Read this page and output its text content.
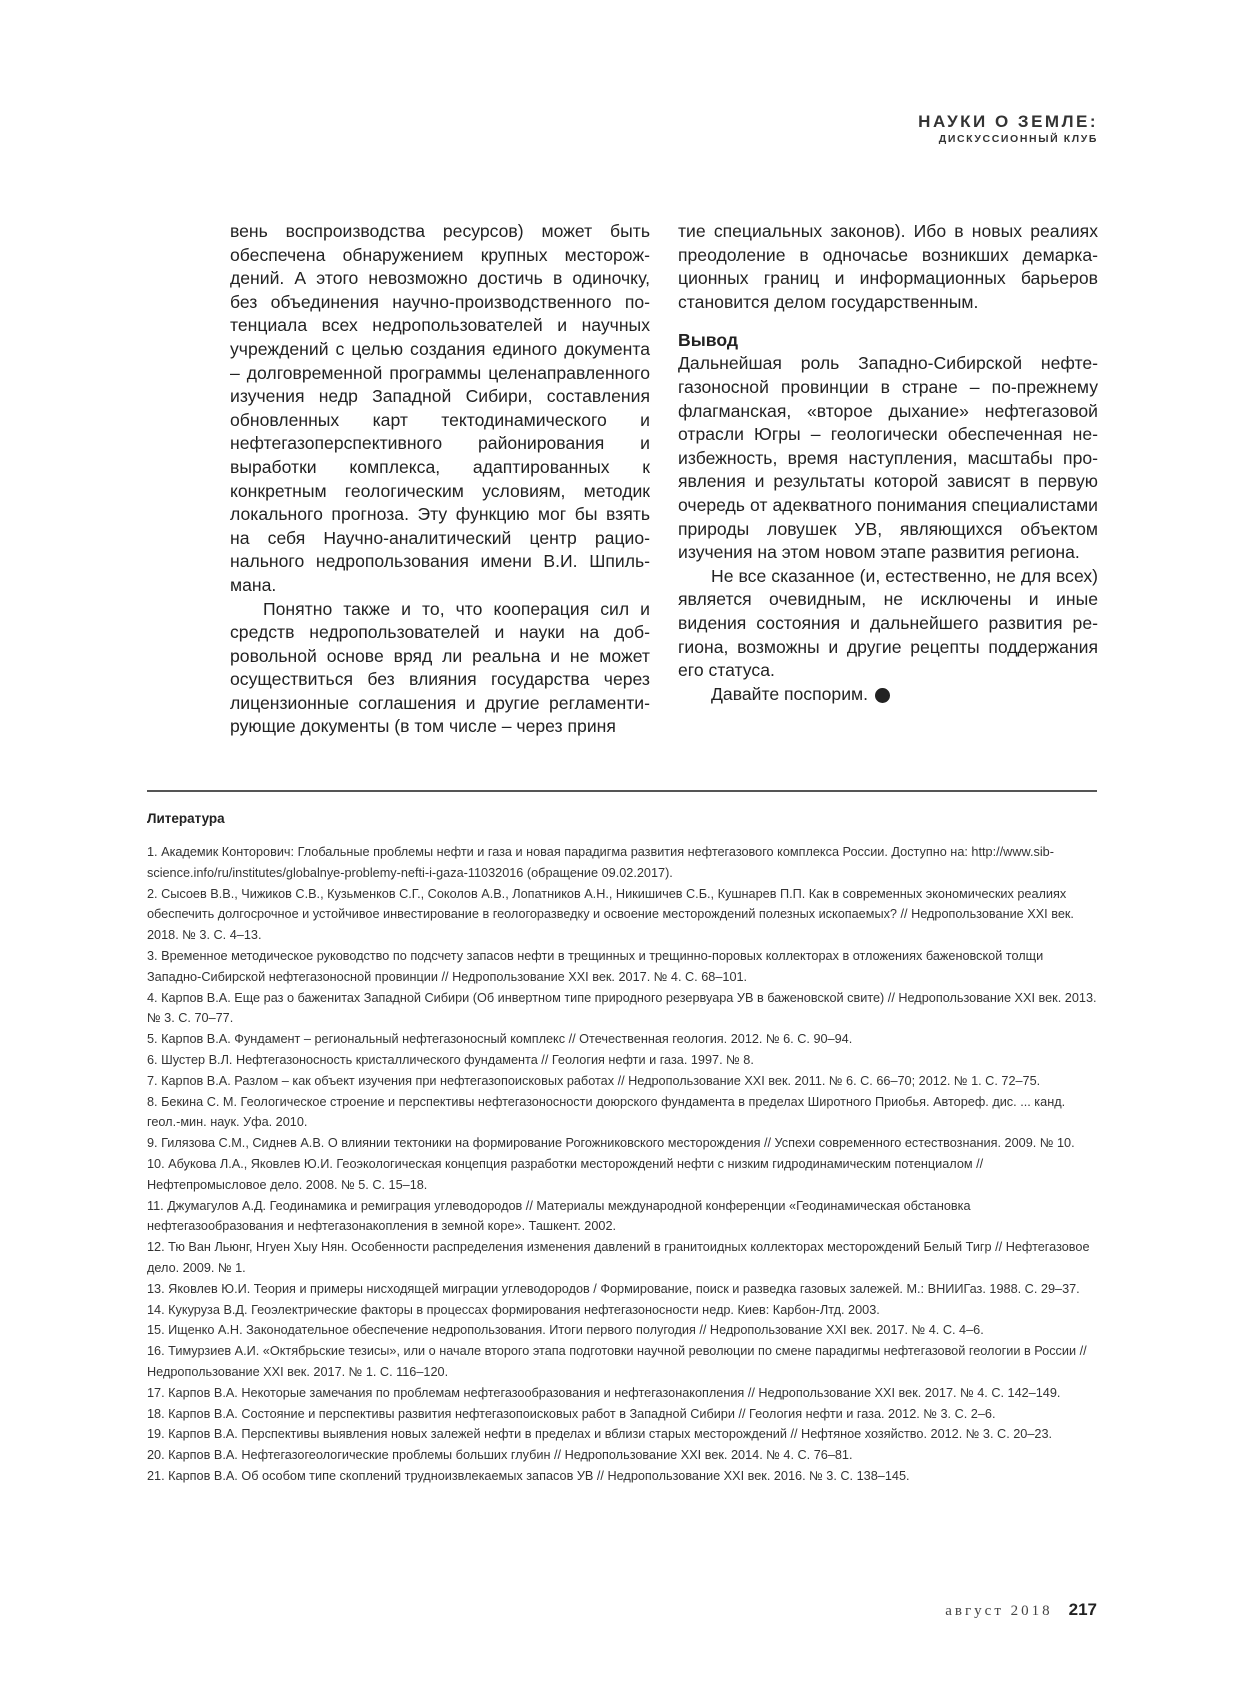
НАУКИ О ЗЕМЛЕ:
ДИСКУССИОННЫЙ КЛУБ

вень воспроизводства ресурсов) может быть обеспечена обнаружением крупных месторождений. А этого невозможно достичь в одиночку, без объединения научно-производственного потенциала всех недропользователей и научных учреждений с целью создания единого документа – долговременной программы целенаправленного изучения недр Западной Сибири, составления обновленных карт тектодинамического и нефтегазоперспективного районирования и выработки комплекса, адаптированных к конкретным геологическим условиям, методик локального прогноза. Эту функцию мог бы взять на себя Научно-аналитический центр рационального недропользования имени В.И. Шпильмана.

Понятно также и то, что кооперация сил и средств недропользователей и науки на добровольной основе вряд ли реальна и не может осуществиться без влияния государства через лицензионные соглашения и другие регламентирующие документы (в том числе – через приня

тие специальных законов). Ибо в новых реалиях преодоление в одночасье возникших демаркационных границ и информационных барьеров становится делом государственным.

Вывод

Дальнейшая роль Западно-Сибирской нефтегазоносной провинции в стране – по-прежнему флагманская, «второе дыхание» нефтегазовой отрасли Югры – геологически обеспеченная неизбежность, время наступления, масштабы проявления и результаты которой зависят в первую очередь от адекватного понимания специалистами природы ловушек УВ, являющихся объектом изучения на этом новом этапе развития региона.

Не все сказанное (и, естественно, не для всех) является очевидным, не исключены и иные видения состояния и дальнейшего развития региона, возможны и другие рецепты поддержания его статуса.

Давайте поспорим.	XXI

Литература
1. Академик Конторович: Глобальные проблемы нефти и газа и новая парадигма развития нефтегазового комплекса России. Доступно на: http://www.sib-science.info/ru/institutes/globalnye-problemy-nefti-i-gaza-11032016 (обращение 09.02.2017).
2. Сысоев В.В., Чижиков С.В., Кузьменков С.Г., Соколов А.В., Лопатников А.Н., Никишичев С.Б., Кушнарев П.П. Как в современных экономических реалиях обеспечить долгосрочное и устойчивое инвестирование в геологоразведку и освоение месторождений полезных ископаемых? // Недропользование XXI век. 2018. № 3. С. 4–13.
3. Временное методическое руководство по подсчету запасов нефти в трещинных и трещинно-поровых коллекторах в отложениях баженовской толщи Западно-Сибирской нефтегазоносной провинции // Недропользование XXI век. 2017. № 4. С. 68–101.
4. Карпов В.А. Еще раз о баженитах Западной Сибири (Об инвертном типе природного резервуара УВ в баженовской свите) // Недропользование XXI век. 2013. № 3. С. 70–77.
5. Карпов В.А. Фундамент – региональный нефтегазоносный комплекс // Отечественная геология. 2012. № 6. С. 90–94.
6. Шустер В.Л. Нефтегазоносность кристаллического фундамента // Геология нефти и газа. 1997. № 8.
7. Карпов В.А. Разлом – как объект изучения при нефтегазопоисковых работах // Недропользование XXI век. 2011. № 6. С. 66–70; 2012. № 1. С. 72–75.
8. Бекина С. М. Геологическое строение и перспективы нефтегазоносности доюрского фундамента в пределах Широтного Приобья. Автореф. дис. ... канд. геол.-мин. наук. Уфа. 2010.
9. Гилязова С.М., Сиднев А.В. О влиянии тектоники на формирование Рогожниковского месторождения // Успехи современного естествознания. 2009. № 10.
10. Абукова Л.А., Яковлев Ю.И. Геоэкологическая концепция разработки месторождений нефти с низким гидродинамическим потенциалом // Нефтепромысловое дело. 2008. № 5. С. 15–18.
11. Джумагулов А.Д. Геодинамика и ремиграция углеводородов // Материалы международной конференции «Геодинамическая обстановка нефтегазообразования и нефтегазонакопления в земной коре». Ташкент. 2002.
12. Тю Ван Льюнг, Нгуен Хыу Нян. Особенности распределения изменения давлений в гранитоидных коллекторах месторождений Белый Тигр // Нефтегазовое дело. 2009. № 1.
13. Яковлев Ю.И. Теория и примеры нисходящей миграции углеводородов / Формирование, поиск и разведка газовых залежей. М.: ВНИИГаз. 1988. С. 29–37.
14. Кукуруза В.Д. Геоэлектрические факторы в процессах формирования нефтегазоносности недр. Киев: Карбон-Лтд. 2003.
15. Ищенко А.Н. Законодательное обеспечение недропользования. Итоги первого полугодия // Недропользование XXI век. 2017. № 4. С. 4–6.
16. Тимурзиев А.И. «Октябрьские тезисы», или о начале второго этапа подготовки научной революции по смене парадигмы нефтегазовой геологии в России // Недропользование XXI век. 2017. № 1. С. 116–120.
17. Карпов В.А. Некоторые замечания по проблемам нефтегазообразования и нефтегазонакопления // Недропользование XXI век. 2017. № 4. С. 142–149.
18. Карпов В.А. Состояние и перспективы развития нефтегазопоисковых работ в Западной Сибири // Геология нефти и газа. 2012. № 3. С. 2–6.
19. Карпов В.А. Перспективы выявления новых залежей нефти в пределах и вблизи старых месторождений // Нефтяное хозяйство. 2012. № 3. С. 20–23.
20. Карпов В.А. Нефтегазогеологические проблемы больших глубин // Недропользование XXI век. 2014. № 4. С. 76–81.
21. Карпов В.А. Об особом типе скоплений трудноизвлекаемых запасов УВ // Недропользование XXI век. 2016. № 3. С. 138–145.
август 2018 217
